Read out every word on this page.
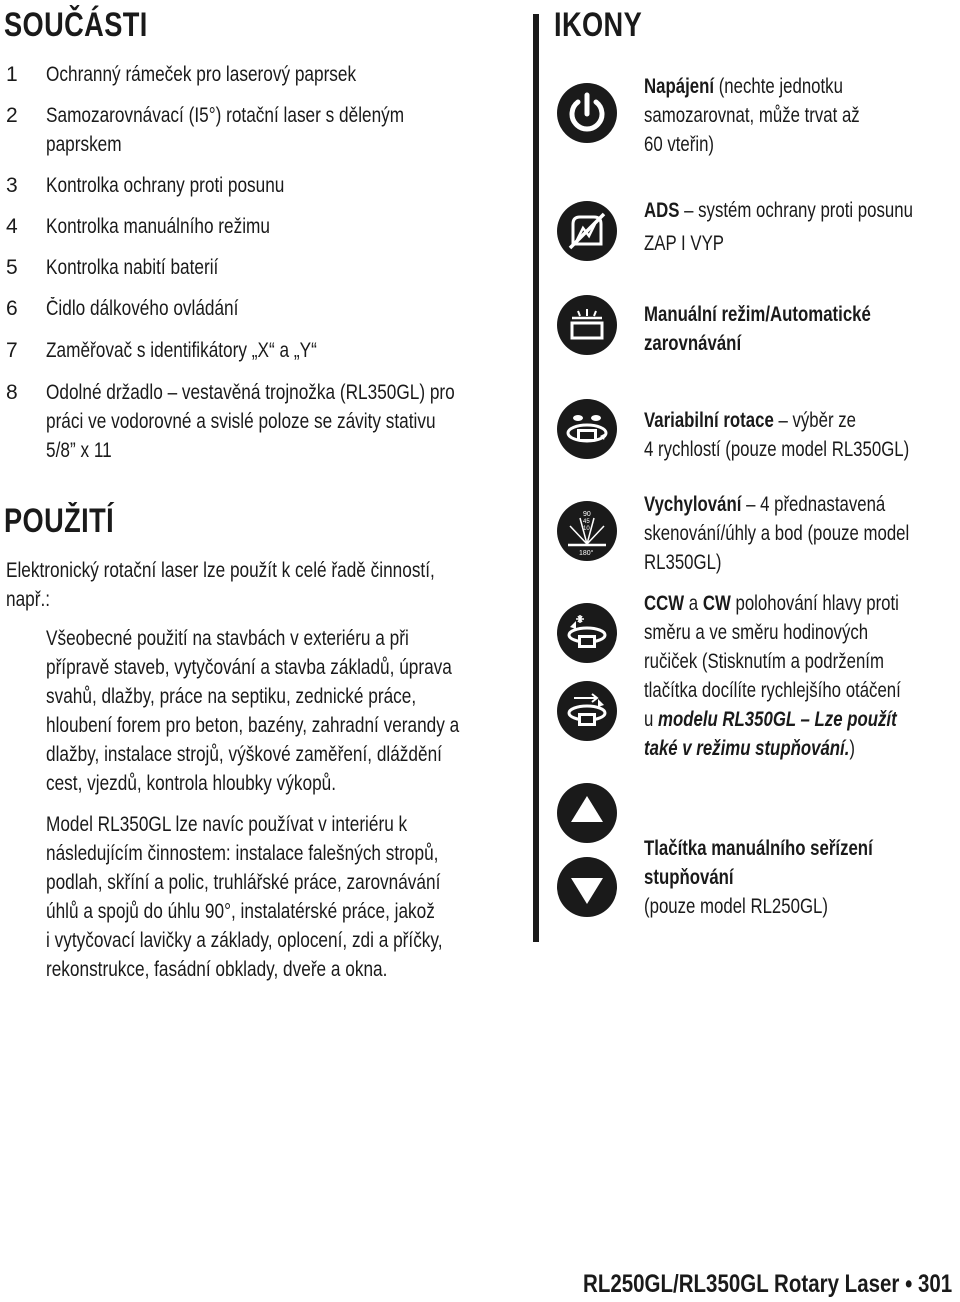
SOUČÁSTI
1 Ochranný rámeček pro laserový paprsek
2 Samozarovnávací (I5°) rotační laser s děleným
paprskem
3 Kontrolka ochrany proti posunu
4 Kontrolka manuálního režimu
5 Kontrolka nabití baterií
6 Čidlo dálkového ovládání
7 Zaměřovač s identifikátory „X“ a „Y“
8 Odolné držadlo – vestavěná trojnožka (RL350GL) pro
práci ve vodorovné a svislé poloze se závity stativu
5/8” x 11
POUŽITÍ
Elektronický rotační laser lze použít k celé řadě činností,
např.:
Všeobecné použití na stavbách v exteriéru a při
přípravě staveb, vytyčování a stavba základů, úprava
svahů, dlažby, práce na septiku, zednické práce,
hloubení forem pro beton, bazény, zahradní verandy a
dlažby, instalace strojů, výškové zaměření, dláždění
cest, vjezdů, kontrola hloubky výkopů.
Model RL350GL lze navíc používat v interiéru k
následujícím činnostem: instalace falešných stropů,
podlah, skříní a polic, truhlářské práce, zarovnávání
úhlů a spojů do úhlu 90°, instalatérské práce, jakož
i vytyčovací lavičky a základy, oplocení, zdi a příčky,
rekonstrukce, fasádní obklady, dveře a okna.
IKONY
Napájení (nechte jednotku
samozarovnat, může trvat až
60 vteřin)
ADS – systém ochrany proti posunu
ZAP I VYP
Manuální režim/Automatické
zarovnávání
Variabilní rotace – výběr ze
4 rychlostí (pouze model RL350GL)
90
45
10
180°
Vychylování – 4 přednastavená
skenování/úhly a bod (pouze model
RL350GL)
CCW a CW polohování hlavy proti
směru a ve směru hodinových
ručiček (Stisknutím a podržením
tlačítka docílíte rychlejšího otáčení
u modelu RL350GL – Lze použít
také v režimu stupňování.)
Tlačítka manuálního seřízení stupňování
(pouze model RL250GL)
RL250GL/RL350GL Rotary Laser • 301
